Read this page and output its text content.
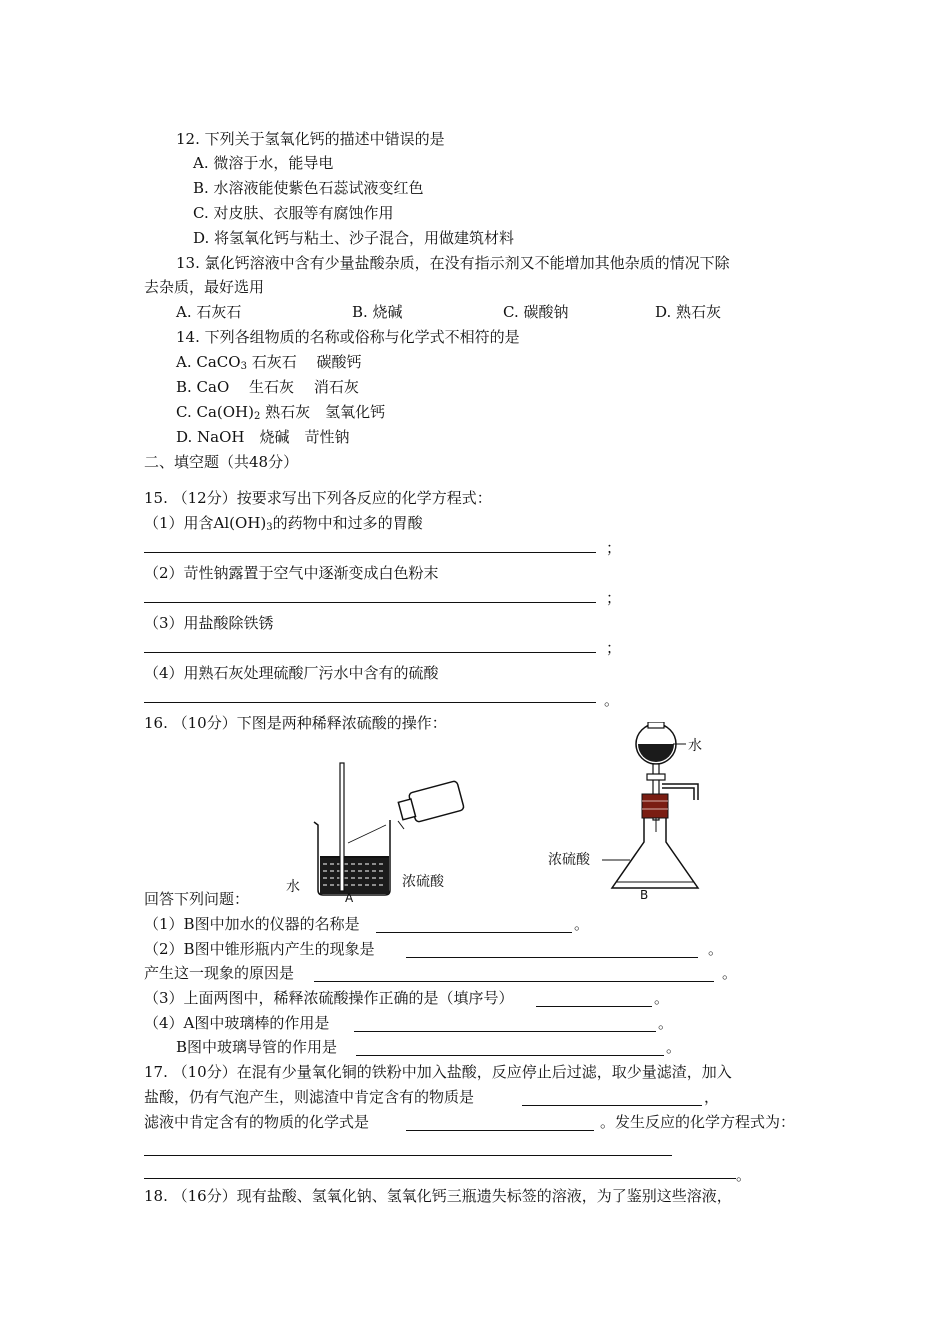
12. 下列关于氢氧化钙的描述中错误的是
A. 微溶于水，能导电
B. 水溶液能使紫色石蕊试液变红色
C. 对皮肤、衣服等有腐蚀作用
D. 将氢氧化钙与粘土、沙子混合，用做建筑材料
13. 氯化钙溶液中含有少量盐酸杂质，在没有指示剂又不能增加其他杂质的情况下除
去杂质，最好选用
A. 石灰石	B. 烧碱	C. 碳酸钠	D. 熟石灰
14. 下列各组物质的名称或俗称与化学式不相符的是
A. CaCO$_3$ 石灰石　 碳酸钙
B. CaO　 生石灰　 消石灰
C. $Ca(OH)_2$ 熟石灰　氢氧化钙
D. NaOH　烧碱　苛性钠
二、填空题（共48分）
15. （12分）按要求写出下列各反应的化学方程式：
（1）用含$Al(OH)_3$的药物中和过多的胃酸
；
（2）苛性钠露置于空气中逐渐变成白色粉末
；
（3）用盐酸除铁锈
；
（4）用熟石灰处理硫酸厂污水中含有的硫酸
。
16. （10分）下图是两种稀释浓硫酸的操作：
水	浓硫酸
A
水
浓硫酸
B
回答下列问题：
（1）B图中加水的仪器的名称是	。
（2）B图中锥形瓶内产生的现象是	。
产生这一现象的原因是	。
（3）上面两图中，稀释浓硫酸操作正确的是（填序号）	。
（4）A图中玻璃棒的作用是	。
B图中玻璃导管的作用是	。
17. （10分）在混有少量氧化铜的铁粉中加入盐酸，反应停止后过滤，取少量滤渣，加入
盐酸，仍有气泡产生，则滤渣中肯定含有的物质是	，
滤液中肯定含有的物质的化学式是	。发生反应的化学方程式为：
。
18. （16分）现有盐酸、氢氧化钠、氢氧化钙三瓶遗失标签的溶液，为了鉴别这些溶液，
